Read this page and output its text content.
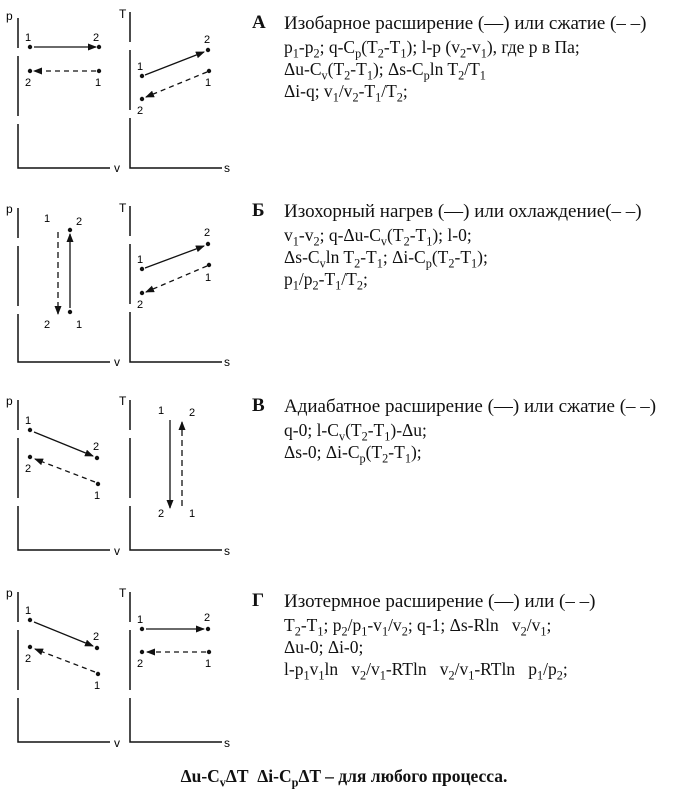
p
v
1	2
2	1
T
s
1
2
2
1
p
v
1 2
2 1
T
s
1
2
2
1
p
v
1
2
2
1
T
s
1 2
2 1
p
v
1
2
2
1
T
s
1	2
2	1
А Изобарное расширение (—) или сжатие (– –)
$p_1-p_2$; $q-C_p(T_2-T_1)$; l-p $(v_2-v_1)$, где p в Па;
$\Delta u-C_v(T_2-T_1)$; $\Delta s-C_p\ln$ $T_2/T_1$
Δi-q; $v_1/v_2-T_1/T_2$;
Б Изохорный нагрев (—) или охлаждение(– –)
$v_1-v_2$; $q-\Delta u-C_v(T_2-T_1)$; l-0;
$\Delta s-C_v\ln$ $T_2-T_1$; $\Delta i-C_p(T_2-T_1)$;
$p_1/p_2-T_1/T_2$;
В Адиабатное расширение (—) или сжатие (– –)
q-0; $l-C_v(T_2-T_1)-\Delta u$;
Δs-0; $\Delta i-C_p(T_2-T_1)$;
Г Изотермное расширение (—) или (– –)
$T_2-T_1$; $p_2/p_1-v_1/v_2$; q-1; Δs-Rln   $v_2/v_1$;
Δu-0; Δi-0;
$l-p_1v_1\ln$   $v_2/v_1$-RTln   $v_2/v_1$-RTln   $p_1/p_2$;
$\Delta u-C_v\Delta T$  $\Delta i-C_p\Delta T$ – для любого процесса.
